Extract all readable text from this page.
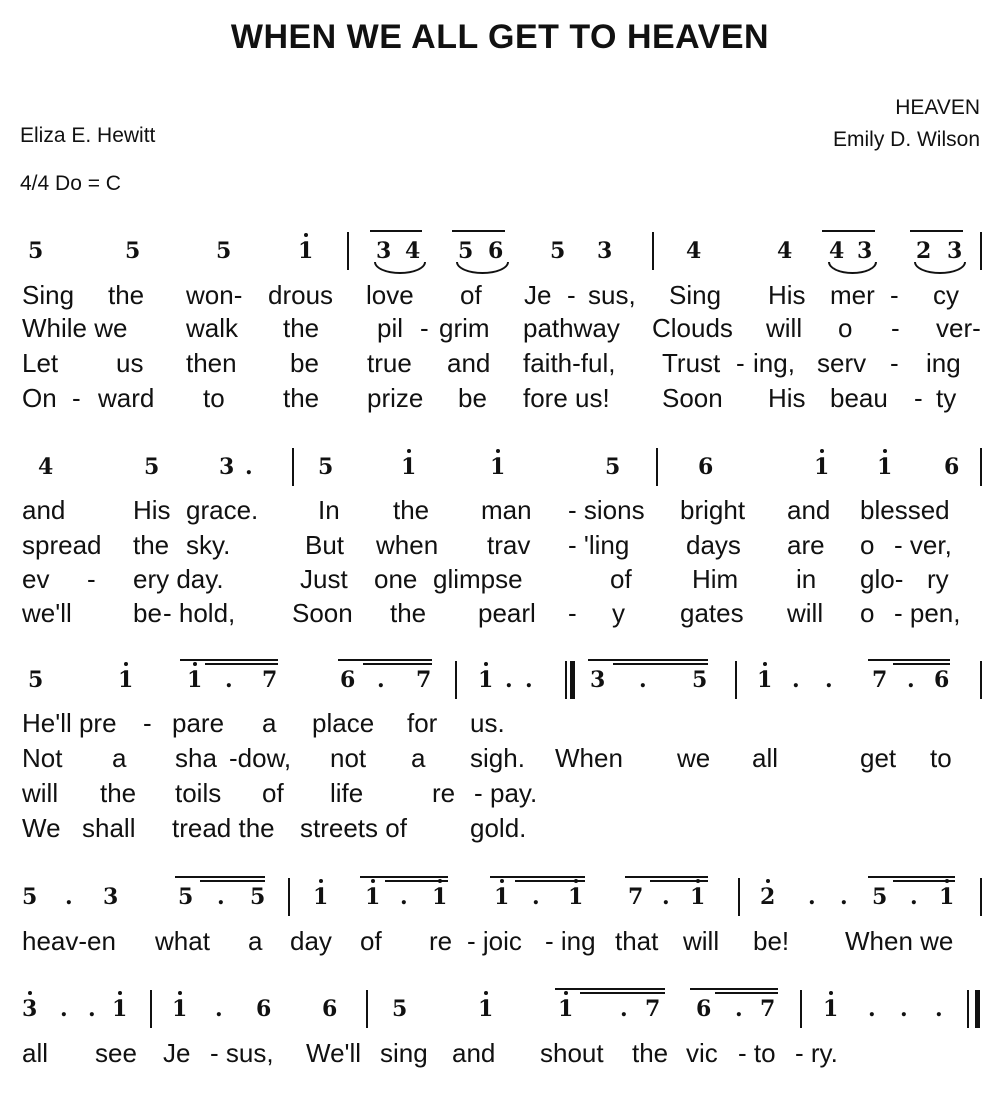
WHEN WE ALL GET TO HEAVEN
HEAVEN
Eliza E. Hewitt	Emily D. Wilson
4/4 Do = C
5	5	5	1	3 4 5 6 5 3	4	4 4 3 2 3
Sing the won- drous love of Je - sus, Sing His mer - cy
While we walk the pil - grim pathway Clouds will o - ver-
Let us then be true and faith-ful, Trust - ing, serv - ing
On - ward to the prize be fore us! Soon His beau - ty
4	5	3 .	5	1	1	5	6	1 1 6
and	His grace. In the man - sions bright and blessed
spread the sky.	But when trav - 'ling days are o - ver,
ev - ery day.	Just one glimpse	of Him in glo- ry
we'll be - hold, Soon the pearl - y gates will o - pen,
5	1 1 . 7	6 . 7 1 . .	3 . 5 1 . . 7 . 6
He'll pre - pare a place for us.
Not a sha -dow, not a sigh. When we all	get to
will the toils of life	re - pay.
We shall tread the streets of gold.
5 . 3	5 . 5 1 1 . 1 1 . 1 7 . 1 2 . . 5 . 1
heav-en what a day of re - joic - ing that will be! When we
3 . . 1 1 . 6 6 5	1	1 . 7 6 . 7 1 . . .
all see Je - sus, We'll sing and shout the vic - to - ry.
